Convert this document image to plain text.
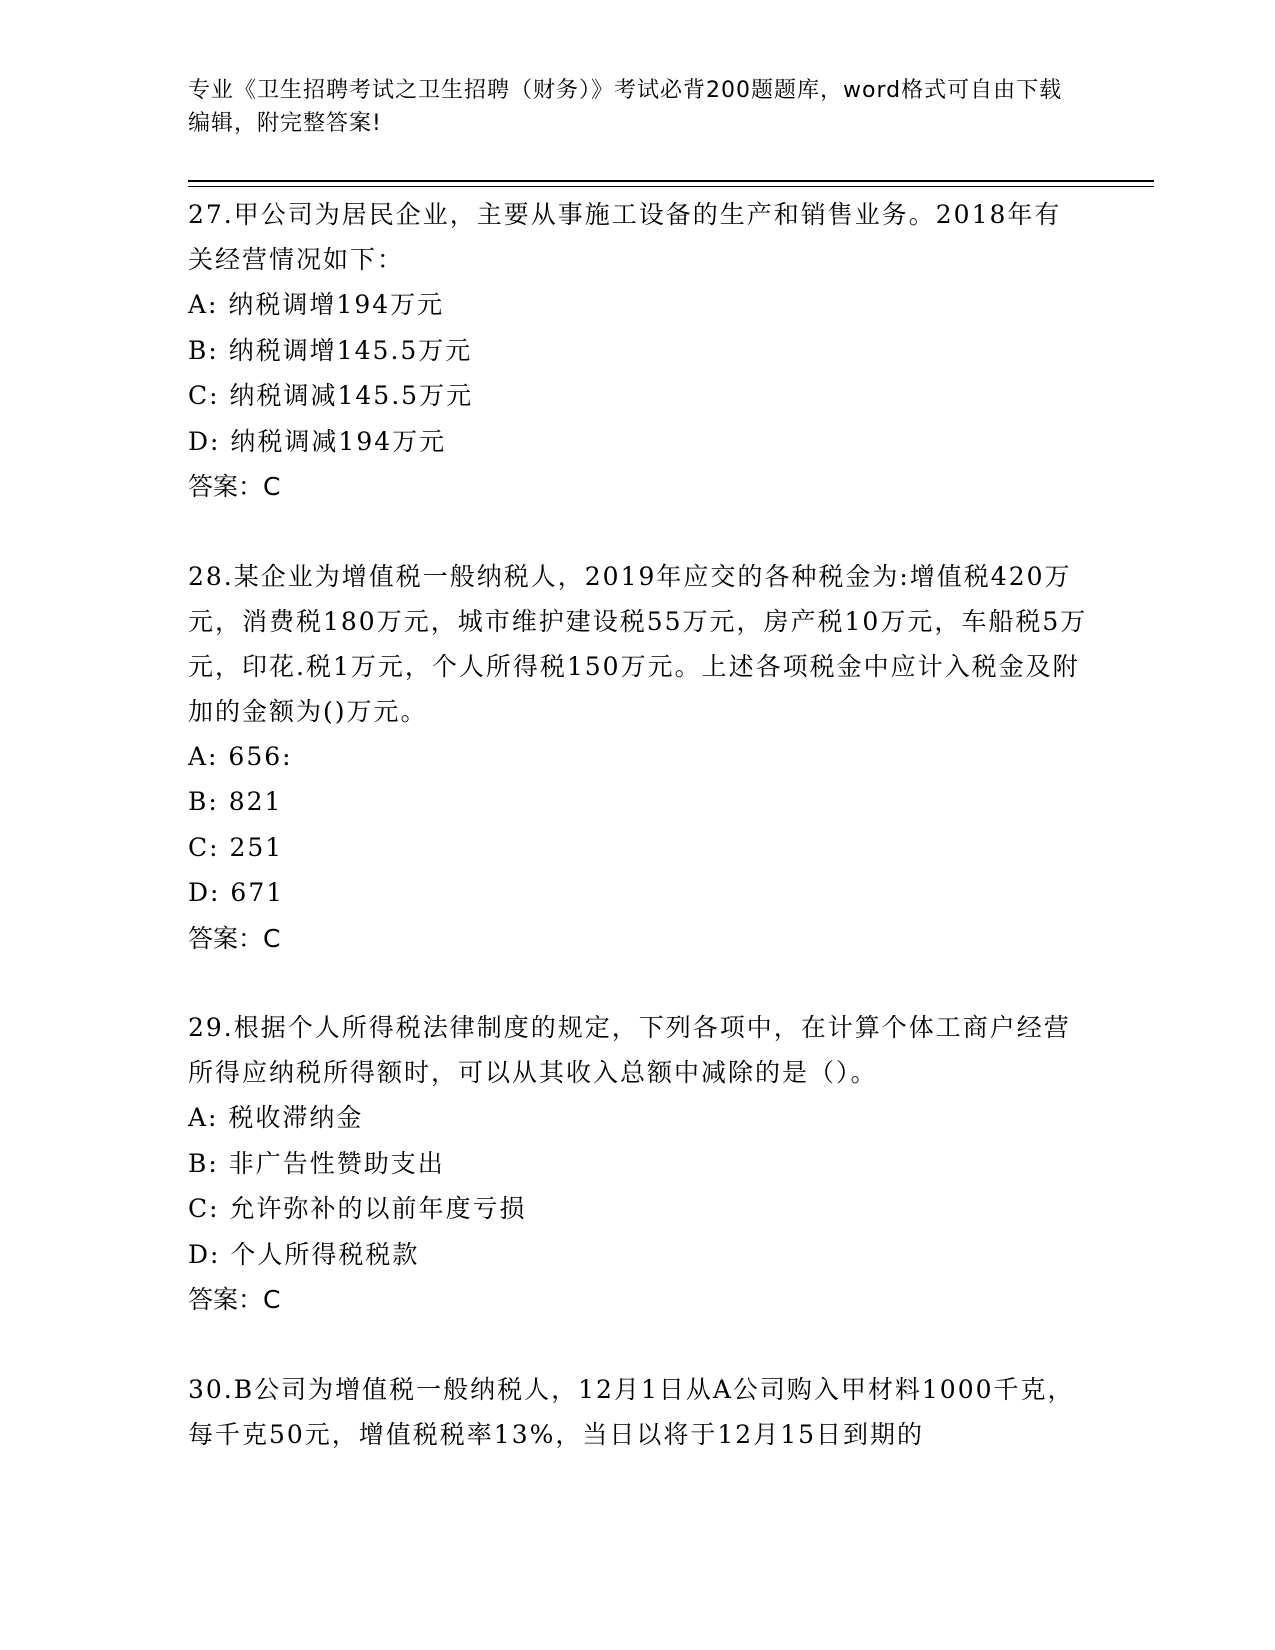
专业《卫生招聘考试之卫生招聘（财务）》考试必背200题题库，word格式可自由下载编辑，附完整答案!

27.甲公司为居民企业，主要从事施工设备的生产和销售业务。2018年有关经营情况如下：

A: 纳税调增194万元

B: 纳税调增145.5万元

C: 纳税调减145.5万元

D: 纳税调减194万元

答案：C

28.某企业为增值税一般纳税人，2019年应交的各种税金为:增值税420万元，消费税180万元，城市维护建设税55万元，房产税10万元，车船税5万元，印花.税1万元，个人所得税150万元。上述各项税金中应计入税金及附加的金额为()万元。

A: 656:

B: 821

C: 251

D: 671

答案：C

29.根据个人所得税法律制度的规定，下列各项中，在计算个体工商户经营所得应纳税所得额时，可以从其收入总额中减除的是（）。

A: 税收滞纳金

B: 非广告性赞助支出

C: 允许弥补的以前年度亏损

D: 个人所得税税款

答案：C

30.B公司为增值税一般纳税人，12月1日从A公司购入甲材料1000千克，每千克50元，增值税税率13%，当日以将于12月15日到期的
